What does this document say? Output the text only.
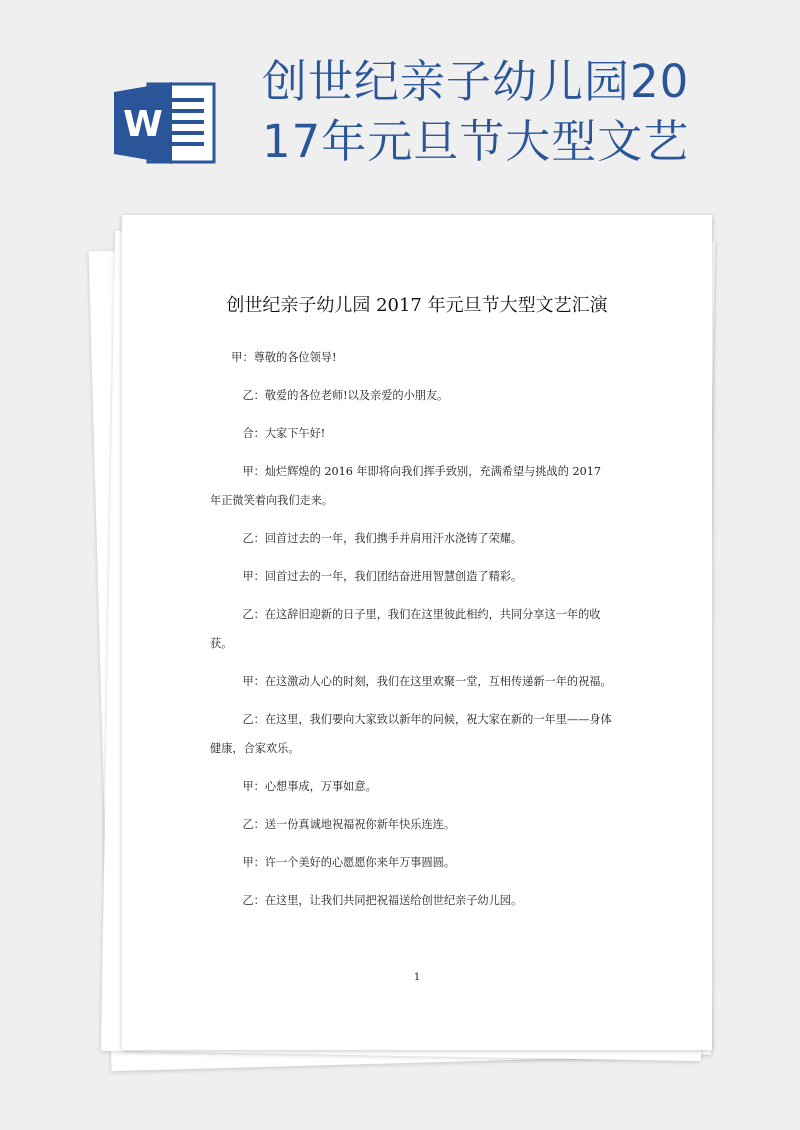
W
创世纪亲子幼儿园20
17年元旦节大型文艺
创世纪亲子幼儿园 2017 年元旦节大型文艺汇演

甲：尊敬的各位领导!

乙：敬爱的各位老师!以及亲爱的小朋友。

合：大家下午好!

甲：灿烂辉煌的 2016 年即将向我们挥手致别，充满希望与挑战的 2017 年正微笑着向我们走来。

乙：回首过去的一年，我们携手并肩用汗水浇铸了荣耀。

甲：回首过去的一年，我们团结奋进用智慧创造了精彩。

乙：在这辞旧迎新的日子里，我们在这里彼此相约，共同分享这一年的收获。

甲：在这激动人心的时刻，我们在这里欢聚一堂，互相传递新一年的祝福。

乙：在这里，我们要向大家致以新年的问候，祝大家在新的一年里——身体健康，合家欢乐。

甲：心想事成，万事如意。

乙：送一份真诚地祝福祝你新年快乐连连。

甲：许一个美好的心愿愿你来年万事圆圆。

乙：在这里，让我们共同把祝福送给创世纪亲子幼儿园。

1
